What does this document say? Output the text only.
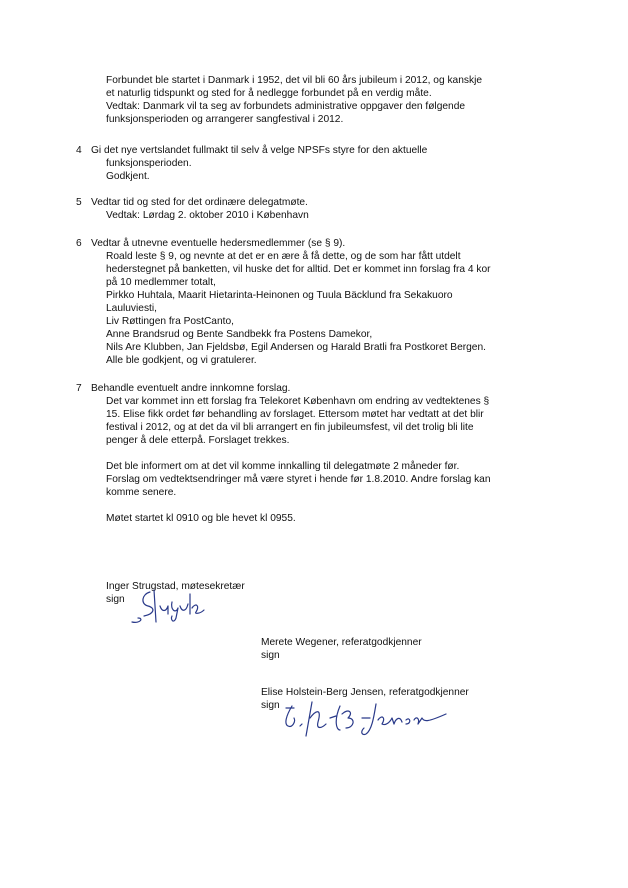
Forbundet ble startet i Danmark i 1952, det vil bli 60 års jubileum i 2012, og kanskje
et naturlig tidspunkt og sted for å nedlegge forbundet på en verdig måte.
Vedtak: Danmark vil ta seg av forbundets administrative oppgaver den følgende
funksjonsperioden og arrangerer sangfestival i 2012.
4 Gi det nye vertslandet fullmakt til selv å velge NPSFs styre for den aktuelle
funksjonsperioden.
Godkjent.
5 Vedtar tid og sted for det ordinære delegatmøte.
Vedtak: Lørdag 2. oktober 2010 i København
6 Vedtar å utnevne eventuelle hedersmedlemmer (se § 9).
Roald leste § 9, og nevnte at det er en ære å få dette, og de som har fått utdelt
hederstegnet på banketten, vil huske det for alltid. Det er kommet inn forslag fra 4 kor
på 10 medlemmer totalt,
Pirkko Huhtala, Maarit Hietarinta-Heinonen og Tuula Bäcklund fra Sekakuoro
Lauluviesti,
Liv Røttingen fra PostCanto,
Anne Brandsrud og Bente Sandbekk fra Postens Damekor,
Nils Are Klubben, Jan Fjeldsbø, Egil Andersen og Harald Bratli fra Postkoret Bergen.
Alle ble godkjent, og vi gratulerer.
7 Behandle eventuelt andre innkomne forslag.
Det var kommet inn ett forslag fra Telekoret København om endring av vedtektenes §
15. Elise fikk ordet før behandling av forslaget. Ettersom møtet har vedtatt at det blir
festival i 2012, og at det da vil bli arrangert en fin jubileumsfest, vil det trolig bli lite
penger å dele etterpå. Forslaget trekkes.
Det ble informert om at det vil komme innkalling til delegatmøte 2 måneder før.
Forslag om vedtektsendringer må være styret i hende før 1.8.2010. Andre forslag kan
komme senere.
Møtet startet kl 0910 og ble hevet kl 0955.
Inger Strugstad, møtesekretær
sign
Merete Wegener, referatgodkjenner
sign
Elise Holstein-Berg Jensen, referatgodkjenner
sign
